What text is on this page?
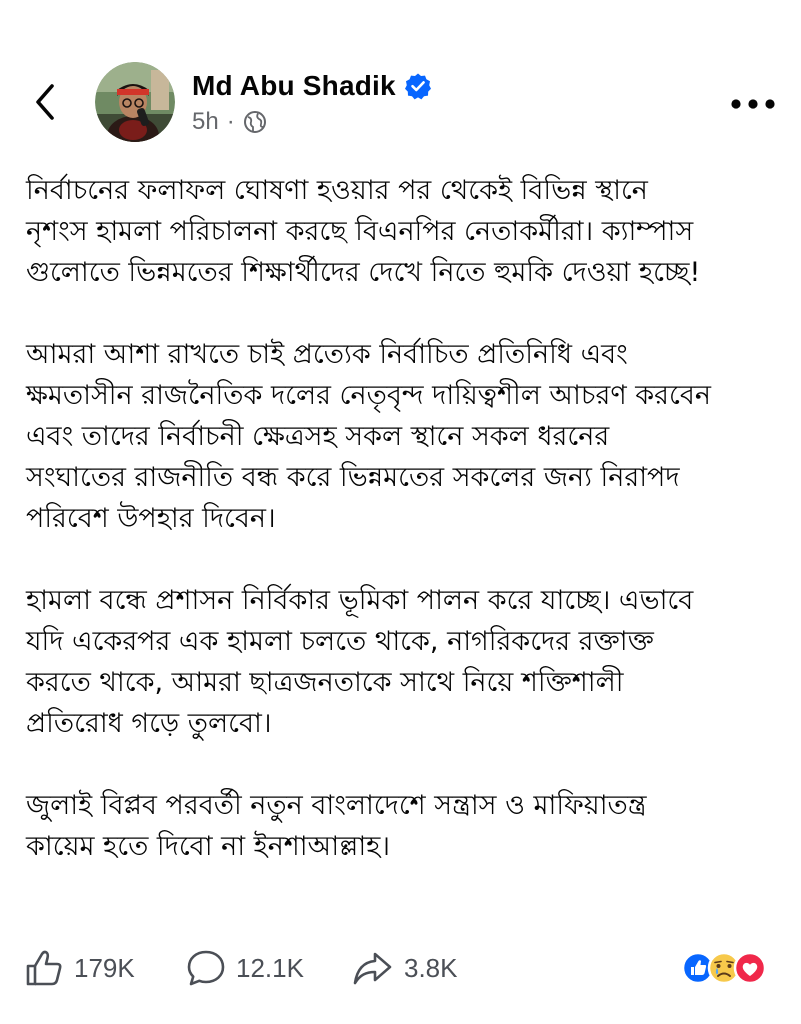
Md Abu Shadik
5h ·

নির্বাচনের ফলাফল ঘোষণা হওয়ার পর থেকেই বিভিন্ন স্থানে
নৃশংস হামলা পরিচালনা করছে বিএনপির নেতাকর্মীরা। ক্যাম্পাস
গুলোতে ভিন্নমতের শিক্ষার্থীদের দেখে নিতে হুমকি দেওয়া হচ্ছে!

আমরা আশা রাখতে চাই প্রত্যেক নির্বাচিত প্রতিনিধি এবং
ক্ষমতাসীন রাজনৈতিক দলের নেতৃবৃন্দ দায়িত্বশীল আচরণ করবেন
এবং তাদের নির্বাচনী ক্ষেত্রসহ সকল স্থানে সকল ধরনের
সংঘাতের রাজনীতি বন্ধ করে ভিন্নমতের সকলের জন্য নিরাপদ
পরিবেশ উপহার দিবেন।

হামলা বন্ধে প্রশাসন নির্বিকার ভূমিকা পালন করে যাচ্ছে। এভাবে
যদি একেরপর এক হামলা চলতে থাকে, নাগরিকদের রক্তাক্ত
করতে থাকে, আমরা ছাত্রজনতাকে সাথে নিয়ে শক্তিশালী
প্রতিরোধ গড়ে তুলবো।

জুলাই বিপ্লব পরবর্তী নতুন বাংলাদেশে সন্ত্রাস ও মাফিয়াতন্ত্র
কায়েম হতে দিবো না ইনশাআল্লাহ।

179K	12.1K	3.8K
